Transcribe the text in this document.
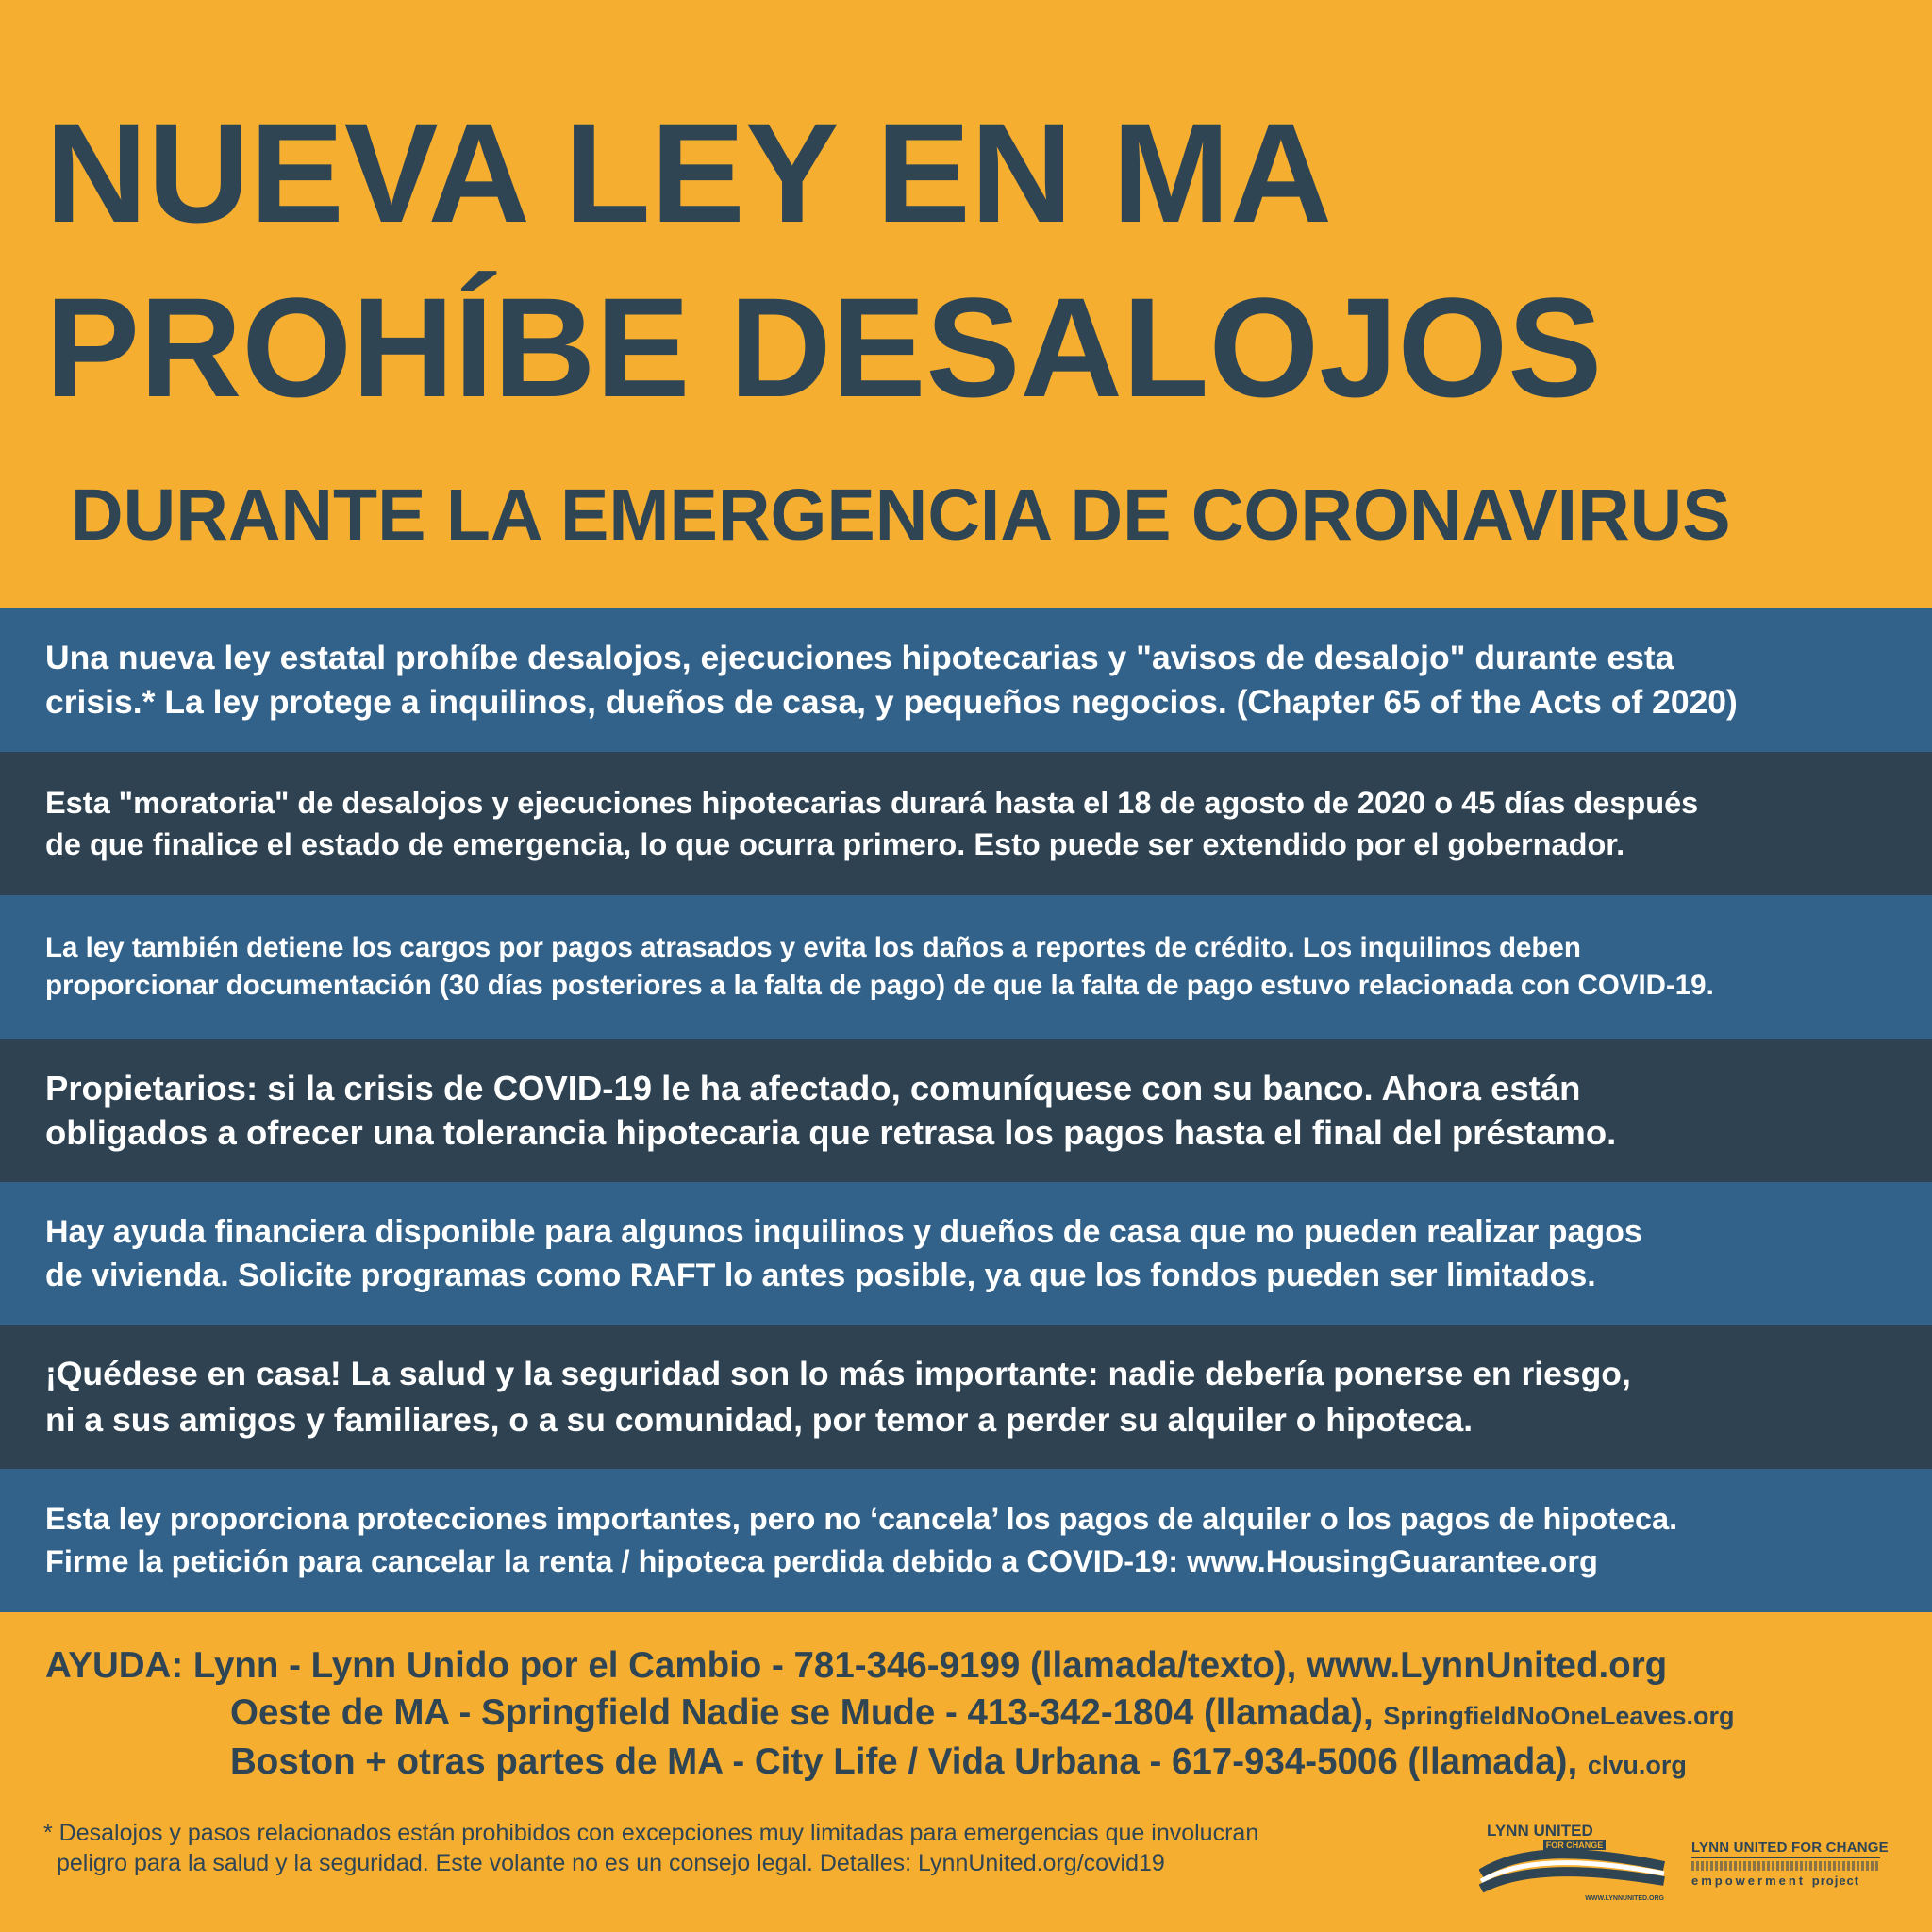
NUEVA LEY EN MA
PROHÍBE DESALOJOS
DURANTE LA EMERGENCIA DE CORONAVIRUS
Una nueva ley estatal prohíbe desalojos, ejecuciones hipotecarias y "avisos de desalojo" durante esta
crisis.* La ley protege a inquilinos, dueños de casa, y pequeños negocios. (Chapter 65 of the Acts of 2020)
Esta "moratoria" de desalojos y ejecuciones hipotecarias durará hasta el 18 de agosto de 2020 o 45 días después
de que finalice el estado de emergencia, lo que ocurra primero. Esto puede ser extendido por el gobernador.
La ley también detiene los cargos por pagos atrasados y evita los daños a reportes de crédito. Los inquilinos deben
proporcionar documentación (30 días posteriores a la falta de pago) de que la falta de pago estuvo relacionada con COVID-19.
Propietarios: si la crisis de COVID-19 le ha afectado, comuníquese con su banco. Ahora están
obligados a ofrecer una tolerancia hipotecaria que retrasa los pagos hasta el final del préstamo.
Hay ayuda financiera disponible para algunos inquilinos y dueños de casa que no pueden realizar pagos
de vivienda. Solicite programas como RAFT lo antes posible, ya que los fondos pueden ser limitados.
¡Quédese en casa! La salud y la seguridad son lo más importante: nadie debería ponerse en riesgo,
ni a sus amigos y familiares, o a su comunidad, por temor a perder su alquiler o hipoteca.
Esta ley proporciona protecciones importantes, pero no ‘cancela’ los pagos de alquiler o los pagos de hipoteca.
Firme la petición para cancelar la renta / hipoteca perdida debido a COVID-19: www.HousingGuarantee.org
AYUDA: Lynn - Lynn Unido por el Cambio - 781-346-9199 (llamada/texto), www.LynnUnited.org
Oeste de MA - Springfield Nadie se Mude - 413-342-1804 (llamada), SpringfieldNoOneLeaves.org
Boston + otras partes de MA - City Life / Vida Urbana - 617-934-5006 (llamada), clvu.org
* Desalojos y pasos relacionados están prohibidos con excepciones muy limitadas para emergencias que involucran
peligro para la salud y la seguridad. Este volante no es un consejo legal. Detalles: LynnUnited.org/covid19
LYNN UNITED
FOR CHANGE
WWW.LYNNUNITED.ORG
LYNN UNITED FOR CHANGE
empowerment project
